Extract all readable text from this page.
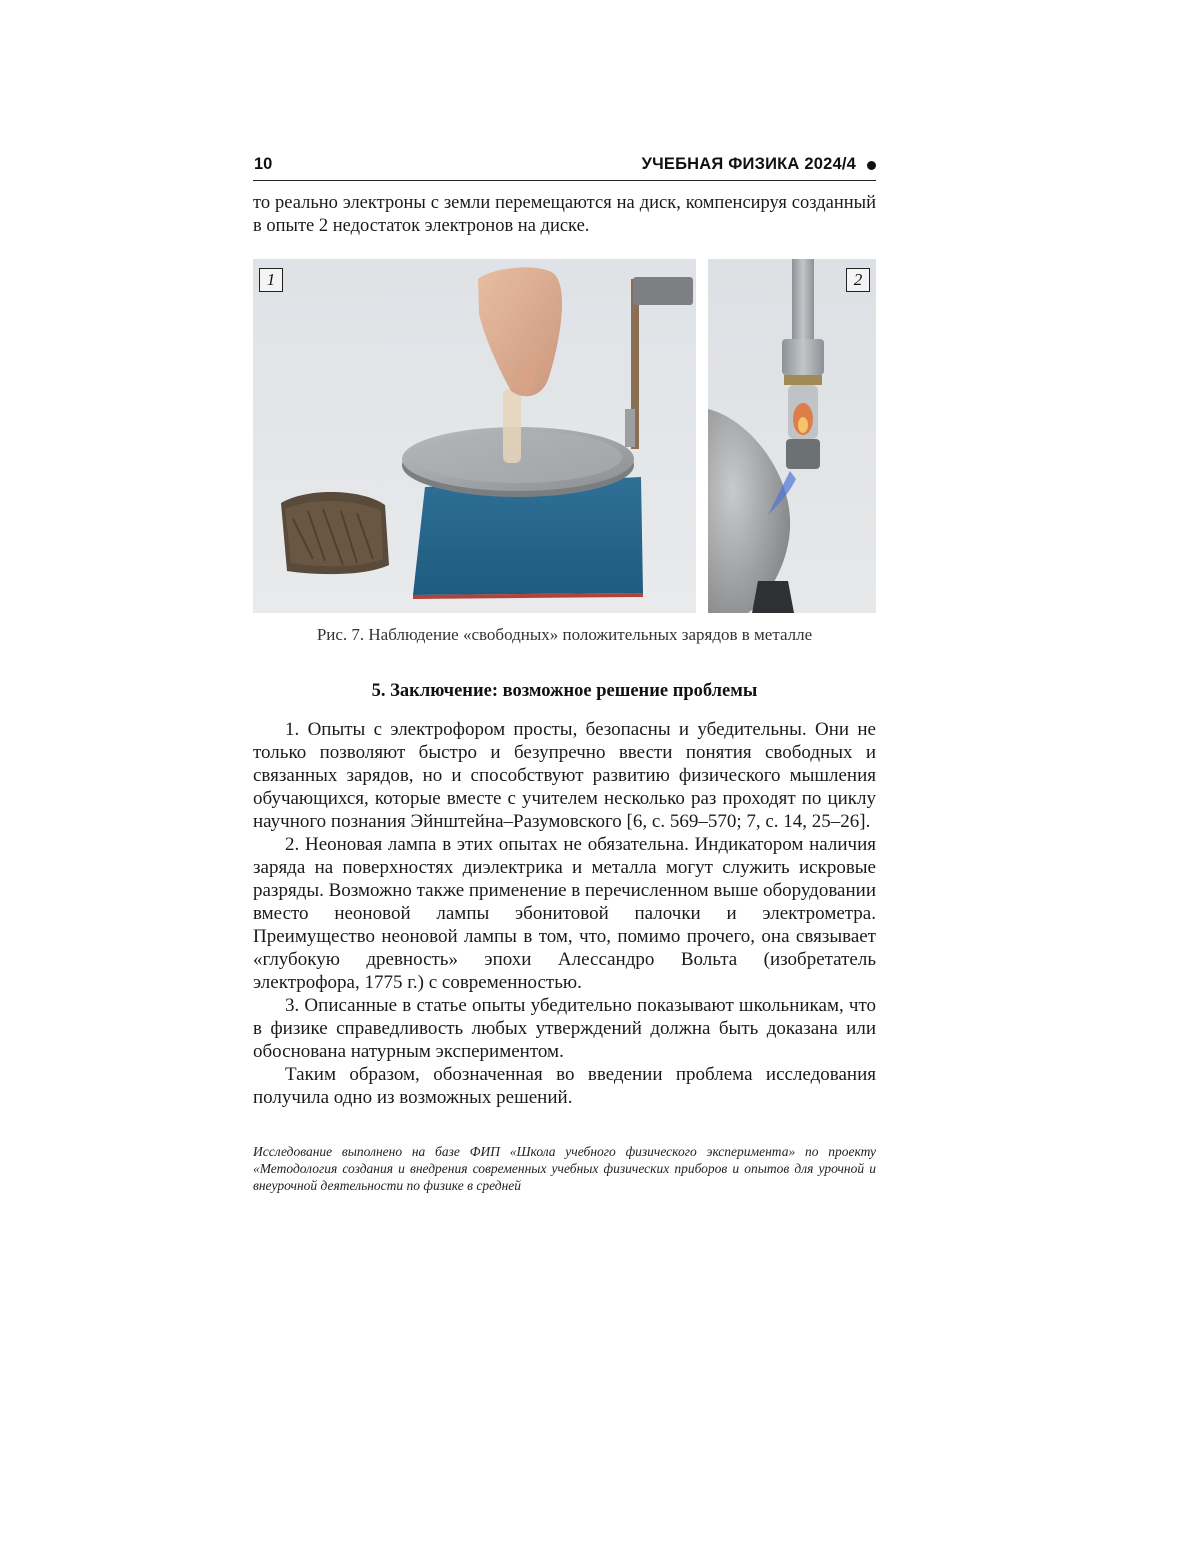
10	УЧЕБНАЯ ФИЗИКА 2024/4

то реально электроны с земли перемещаются на диск, компенсируя созданный в опыте 2 недостаток электронов на диске.

1	2
Рис. 7. Наблюдение «свободных» положительных зарядов в металле
5. Заключение: возможное решение проблемы

1. Опыты с электрофором просты, безопасны и убедительны. Они не только позволяют быстро и безупречно ввести понятия свободных и связанных зарядов, но и способствуют развитию физического мышления обучающихся, которые вместе с учителем несколько раз проходят по циклу научного познания Эйнштейна–Разумовского [6, с. 569–570; 7, с. 14, 25–26].

2. Неоновая лампа в этих опытах не обязательна. Индикатором наличия заряда на поверхностях диэлектрика и металла могут служить искровые разряды. Возможно также применение в перечисленном выше оборудовании вместо неоновой лампы эбонитовой палочки и электрометра. Преимущество неоновой лампы в том, что, помимо прочего, она связывает «глубокую древность» эпохи Алессандро Вольта (изобретатель электрофора, 1775 г.) с современностью.

3. Описанные в статье опыты убедительно показывают школьникам, что в физике справедливость любых утверждений должна быть доказана или обоснована натурным экспериментом.

Таким образом, обозначенная во введении проблема исследования получила одно из возможных решений.

Исследование выполнено на базе ФИП «Школа учебного физического эксперимента» по проекту «Методология создания и внедрения современных учебных физических приборов и опытов для урочной и внеурочной деятельности по физике в средней
